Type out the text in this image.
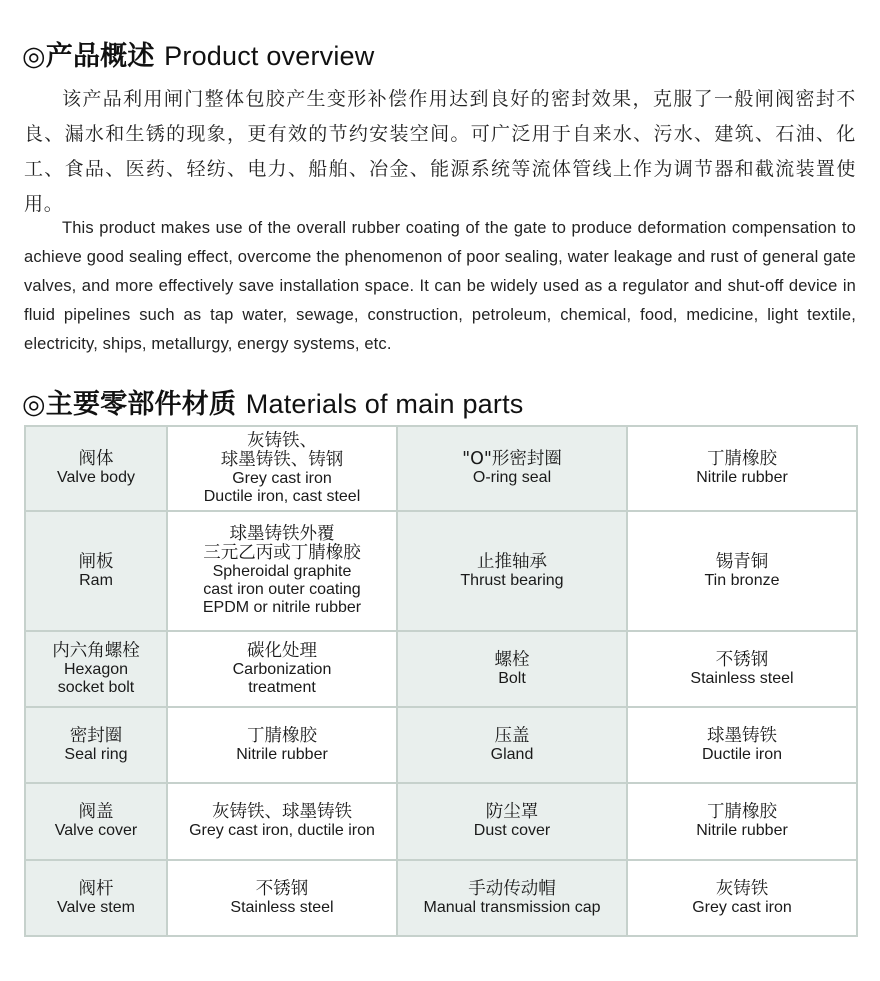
◎产品概述 Product overview
该产品利用闸门整体包胶产生变形补偿作用达到良好的密封效果，克服了一般闸阀密封不良、漏水和生锈的现象，更有效的节约安装空间。可广泛用于自来水、污水、建筑、石油、化工、食品、医药、轻纺、电力、船舶、冶金、能源系统等流体管线上作为调节器和截流装置使用。
This product makes use of the overall rubber coating of the gate to produce deformation compensation to achieve good sealing effect, overcome the phenomenon of poor sealing, water leakage and rust of general gate valves, and more effectively save installation space. It can be widely used as a regulator and shut-off device in fluid pipelines such as tap water, sewage, construction, petroleum, chemical, food, medicine, light textile, electricity, ships, metallurgy, energy systems, etc.
◎主要零部件材质 Materials of main parts
阀体
Valve body	灰铸铁、
球墨铸铁、铸钢
Grey cast iron
Ductile iron, cast steel	"O"形密封圈
O-ring seal	丁腈橡胶
Nitrile rubber

闸板
Ram	球墨铸铁外覆
三元乙丙或丁腈橡胶
Spheroidal graphite
cast iron outer coating
EPDM or nitrile rubber	止推轴承
Thrust bearing	锡青铜
Tin bronze

内六角螺栓
Hexagon
socket bolt	碳化处理
Carbonization
treatment	螺栓
Bolt	不锈钢
Stainless steel

密封圈
Seal ring	丁腈橡胶
Nitrile rubber	压盖
Gland	球墨铸铁
Ductile iron

阀盖
Valve cover	灰铸铁、球墨铸铁
Grey cast iron, ductile iron	防尘罩
Dust cover	丁腈橡胶
Nitrile rubber

阀杆
Valve stem	不锈钢
Stainless steel	手动传动帽
Manual transmission cap	灰铸铁
Grey cast iron
